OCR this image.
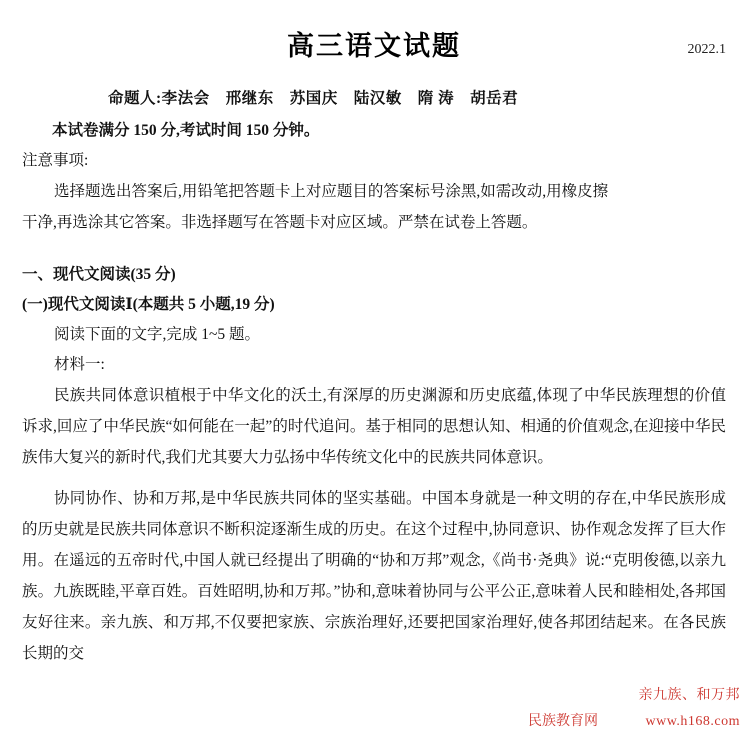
高三语文试题	2022.1
命题人:李法会 邢继东 苏国庆 陆汉敏 隋 涛 胡岳君
本试卷满分 150 分,考试时间 150 分钟。
注意事项:
选择题选出答案后,用铅笔把答题卡上对应题目的答案标号涂黑,如需改动,用橡皮擦
干净,再选涂其它答案。非选择题写在答题卡对应区域。严禁在试卷上答题。
一、现代文阅读(35 分)
(一)现代文阅读Ⅰ(本题共 5 小题,19 分)
阅读下面的文字,完成 1~5 题。
材料一:
民族共同体意识植根于中华文化的沃土,有深厚的历史渊源和历史底蕴,体现了中华民族理想的价值诉求,回应了中华民族“如何能在一起”的时代追问。基于相同的思想认知、相通的价值观念,在迎接中华民族伟大复兴的新时代,我们尤其要大力弘扬中华传统文化中的民族共同体意识。
协同协作、协和万邦,是中华民族共同体的坚实基础。中国本身就是一种文明的存在,中华民族形成的历史就是民族共同体意识不断积淀逐渐生成的历史。在这个过程中,协同意识、协作观念发挥了巨大作用。在遥远的五帝时代,中国人就已经提出了明确的“协和万邦”观念,《尚书·尧典》说:“克明俊德,以亲九族。九族既睦,平章百姓。百姓昭明,协和万邦。”协和,意味着协同与公平公正,意味着人民和睦相处,各邦国友好往来。亲九族、和万邦,不仅要把家族、宗族治理好,还要把国家治理好,使各邦团结起来。在各民族长期的交
亲九族、和万邦
民族教育网	www.h168.com
